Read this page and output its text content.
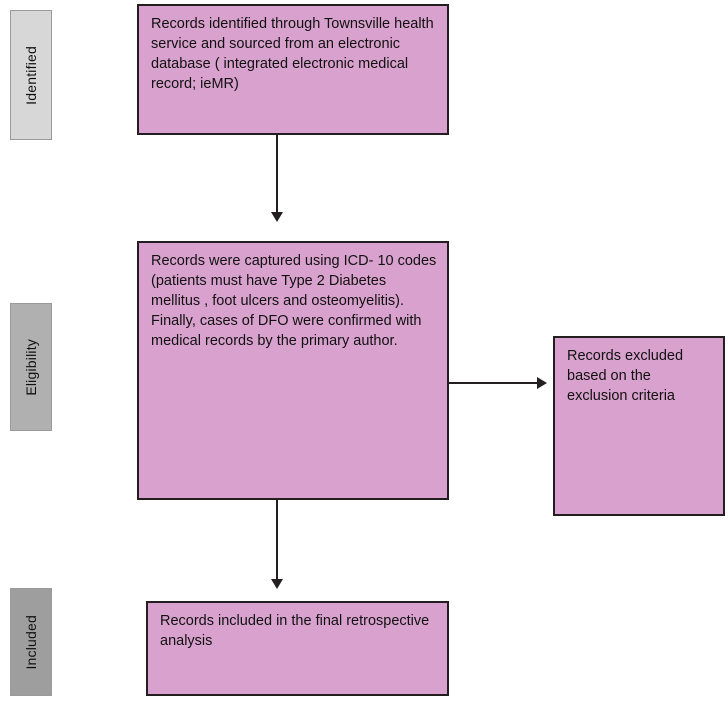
Identified
Eligibility
Included

Records identified through Townsville health service and sourced from an electronic database ( integrated electronic medical record; ieMR)

Records were captured using ICD- 10 codes (patients must have Type 2 Diabetes mellitus , foot ulcers and osteomyelitis). Finally, cases of DFO were confirmed with medical records by the primary author.

Records excluded based on the exclusion criteria

Records included in the final retrospective analysis
